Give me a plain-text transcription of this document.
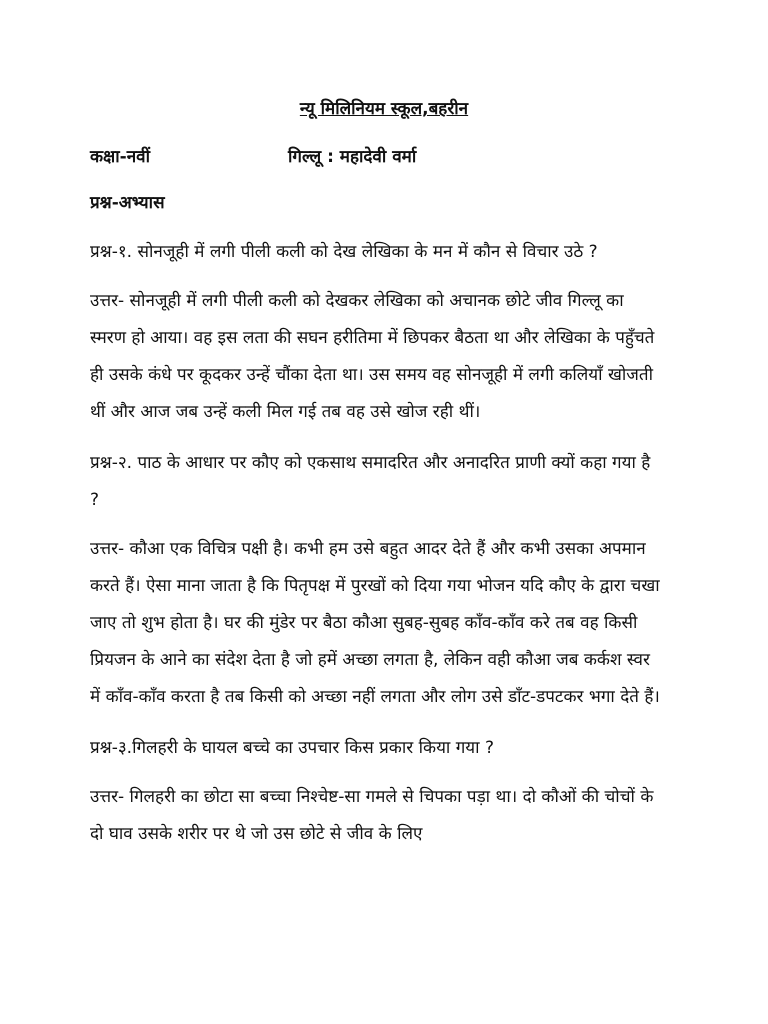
न्यू मिलिनियम स्कूल,बहरीन
कक्षा-नवीं	गिल्लू : महादेवी वर्मा
प्रश्न-अभ्यास

प्रश्न-१. सोनजूही में लगी पीली कली को देख लेखिका के मन में कौन से विचार उठे ?

उत्तर- सोनजूही में लगी पीली कली को देखकर लेखिका को अचानक छोटे जीव गिल्लू का स्मरण हो आया। वह इस लता की सघन हरीतिमा में छिपकर बैठता था और लेखिका के पहुँचते ही उसके कंधे पर कूदकर उन्हें चौंका देता था। उस समय वह सोनजूही में लगी कलियाँ खोजती थीं और आज जब उन्हें कली मिल गई तब वह उसे खोज रही थीं।

प्रश्न-२. पाठ के आधार पर कौए को एकसाथ समादरित और अनादरित प्राणी क्यों कहा गया है ?

उत्तर- कौआ एक विचित्र पक्षी है। कभी हम उसे बहुत आदर देते हैं और कभी उसका अपमान करते हैं। ऐसा माना जाता है कि पितृपक्ष में पुरखों को दिया गया भोजन यदि कौए के द्वारा चखा जाए तो शुभ होता है। घर की मुंडेर पर बैठा कौआ सुबह-सुबह काँव-काँव करे तब वह किसी प्रियजन के आने का संदेश देता है जो हमें अच्छा लगता है, लेकिन वही कौआ जब कर्कश स्वर में काँव-काँव करता है तब किसी को अच्छा नहीं लगता और लोग उसे डाँट-डपटकर भगा देते हैं।

प्रश्न-३.गिलहरी के घायल बच्चे का उपचार किस प्रकार किया गया ?

उत्तर- गिलहरी का छोटा सा बच्चा निश्चेष्ट-सा गमले से चिपका पड़ा था। दो कौओं की चोचों के दो घाव उसके शरीर पर थे जो उस छोटे से जीव के लिए
